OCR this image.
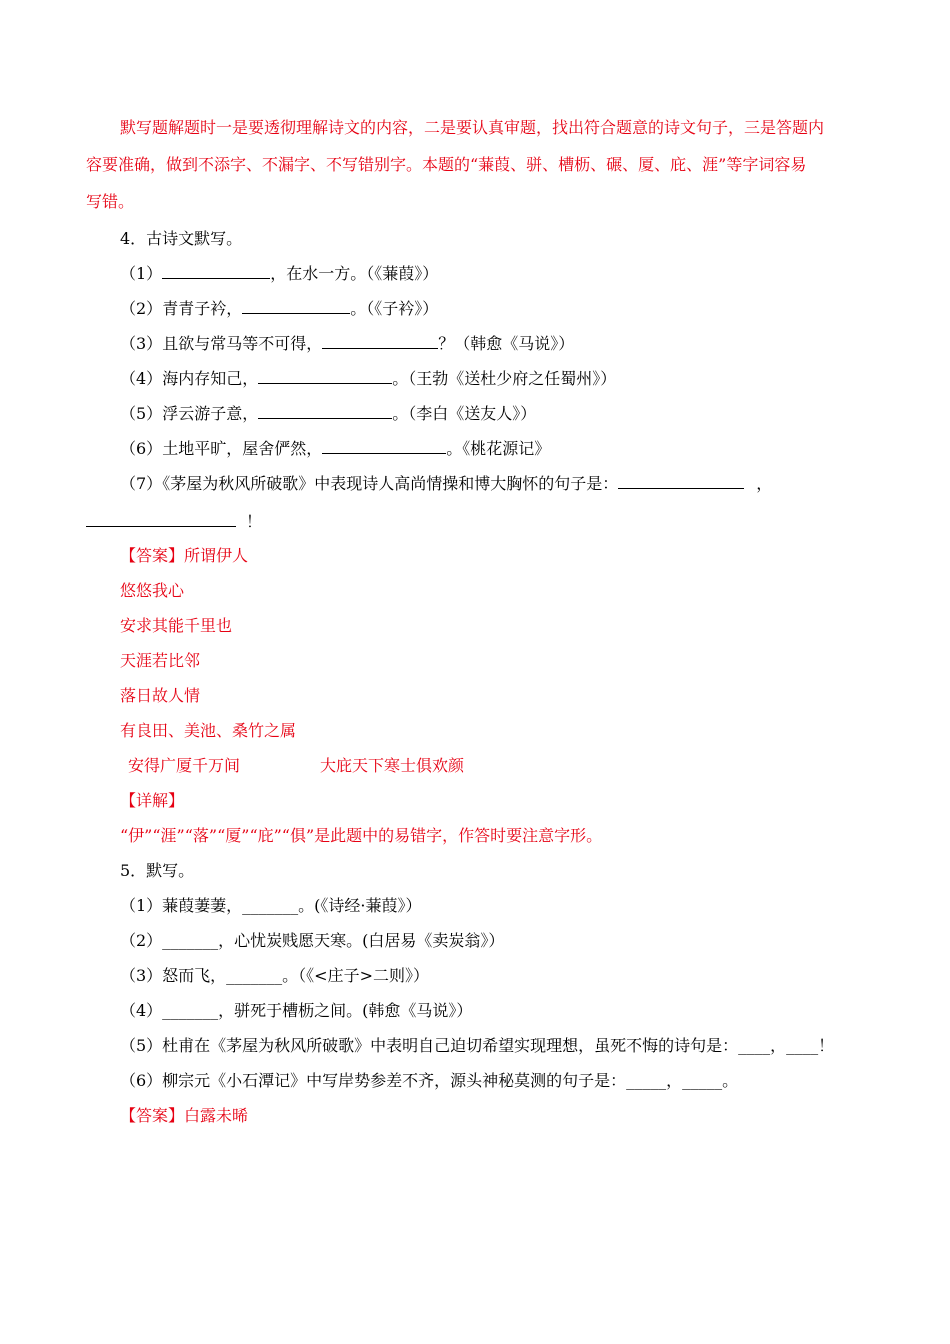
默写题解题时一是要透彻理解诗文的内容，二是要认真审题，找出符合题意的诗文句子，三是答题内
容要准确，做到不添字、不漏字、不写错别字。本题的“蒹葭、骈、槽枥、碾、厦、庇、涯”等字词容易
写错。
4．古诗文默写。
（1）	，在水一方。（《蒹葭》）
（2）青青子衿，	。（《子衿》）
（3）且欲与常马等不可得，	？（韩愈《马说》）
（4）海内存知己，	。（王勃《送杜少府之任蜀州》）
（5）浮云游子意，	。（李白《送友人》）
（6）土地平旷，屋舍俨然，	。《桃花源记》
（7）《茅屋为秋风所破歌》中表现诗人高尚情操和博大胸怀的句子是：	，
！
【答案】所谓伊人
悠悠我心
安求其能千里也
天涯若比邻
落日故人情
有良田、美池、桑竹之属
安得广厦千万间	大庇天下寒士俱欢颜
【详解】
“伊”“涯”“落”“厦”“庇”“俱”是此题中的易错字，作答时要注意字形。
5．默写。
（1）蒹葭萋萋，_______。(《诗经·蒹葭》）
（2）_______，心忧炭贱愿天寒。(白居易《卖炭翁》）
（3）怒而飞，_______。（《<庄子>二则》）
（4）_______，骈死于槽枥之间。(韩愈《马说》）
（5）杜甫在《茅屋为秋风所破歌》中表明自己迫切希望实现理想，虽死不悔的诗句是：____，____！
（6）柳宗元《小石潭记》中写岸势参差不齐，源头神秘莫测的句子是：_____，_____。
【答案】白露未晞
